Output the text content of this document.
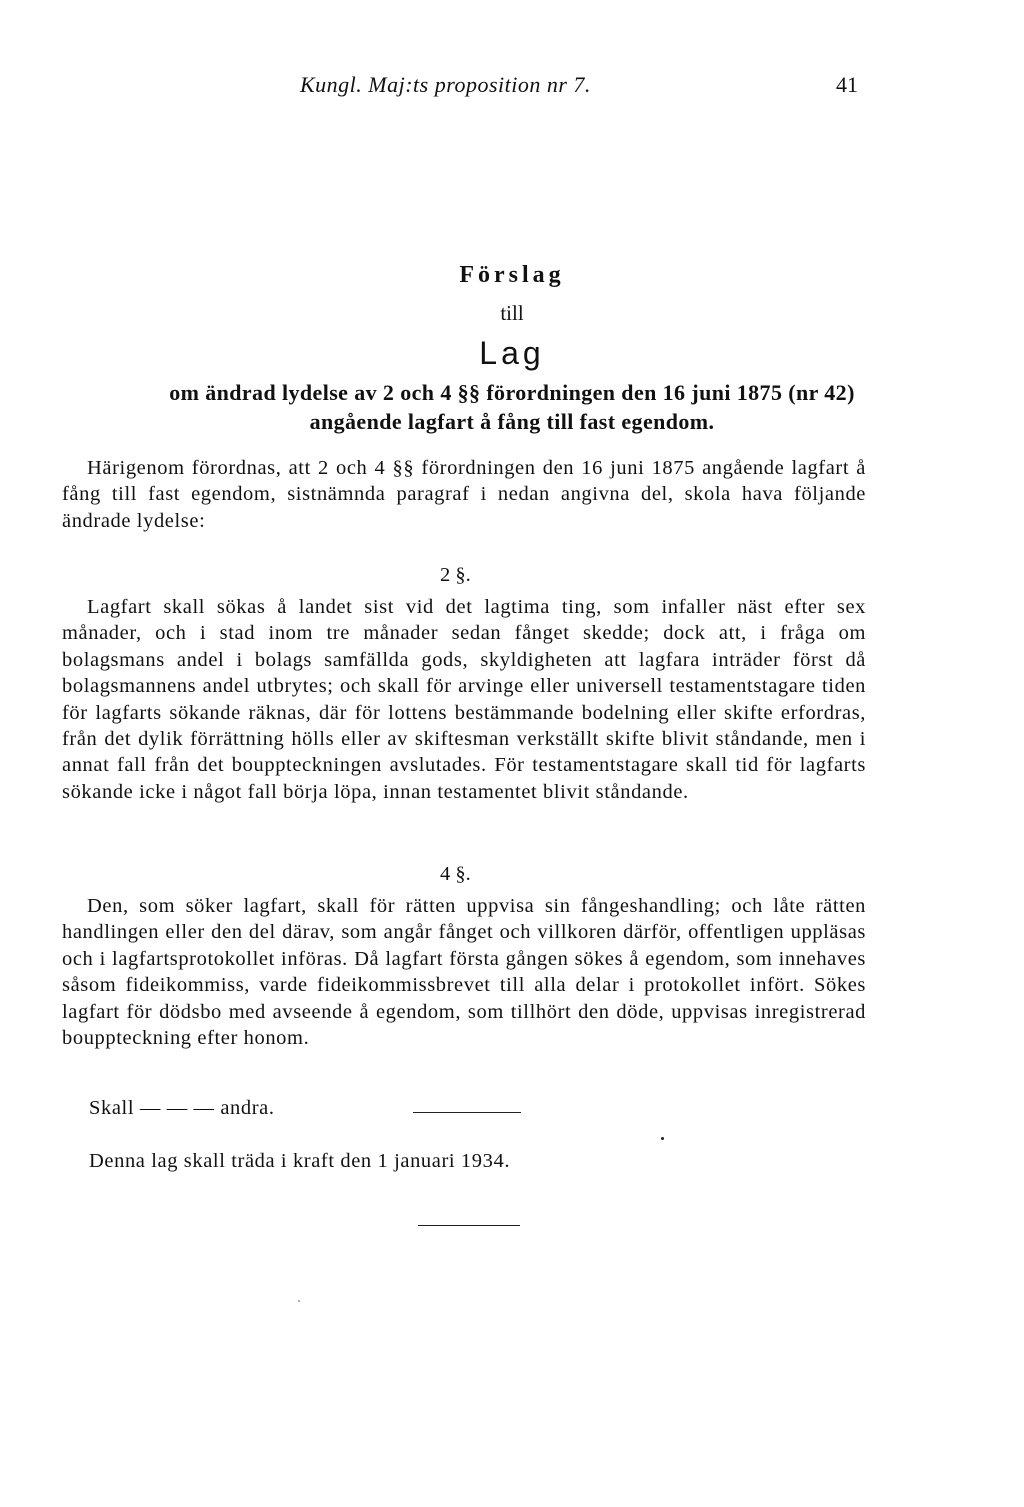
Kungl. Maj:ts proposition nr 7.	41
Förslag
till
Lag
om ändrad lydelse av 2 och 4 §§ förordningen den 16 juni 1875 (nr 42)
angående lagfart å fång till fast egendom.

Härigenom förordnas, att 2 och 4 §§ förordningen den 16 juni 1875 angående lagfart å fång till fast egendom, sistnämnda paragraf i nedan angivna del, skola hava följande ändrade lydelse:

2 §.

Lagfart skall sökas å landet sist vid det lagtima ting, som infaller näst efter sex månader, och i stad inom tre månader sedan fånget skedde; dock att, i fråga om bolagsmans andel i bolags samfällda gods, skyldigheten att lagfara inträder först då bolagsmannens andel utbrytes; och skall för arvinge eller universell testamentstagare tiden för lagfarts sökande räknas, där för lottens bestämmande bodelning eller skifte erfordras, från det dylik förrättning hölls eller av skiftesman verkställt skifte blivit ståndande, men i annat fall från det bouppteckningen avslutades. För testamentstagare skall tid för lagfarts sökande icke i något fall börja löpa, innan testamentet blivit ståndande.

4 §.

Den, som söker lagfart, skall för rätten uppvisa sin fångeshandling; och låte rätten handlingen eller den del därav, som angår fånget och villkoren därför, offentligen uppläsas och i lagfartsprotokollet införas. Då lagfart första gången sökes å egendom, som innehaves såsom fideikommiss, varde fideikommissbrevet till alla delar i protokollet infört. Sökes lagfart för dödsbo med avseende å egendom, som tillhört den döde, uppvisas inregistrerad bouppteckning efter honom.

Skall — — — andra.
Denna lag skall träda i kraft den 1 januari 1934.
